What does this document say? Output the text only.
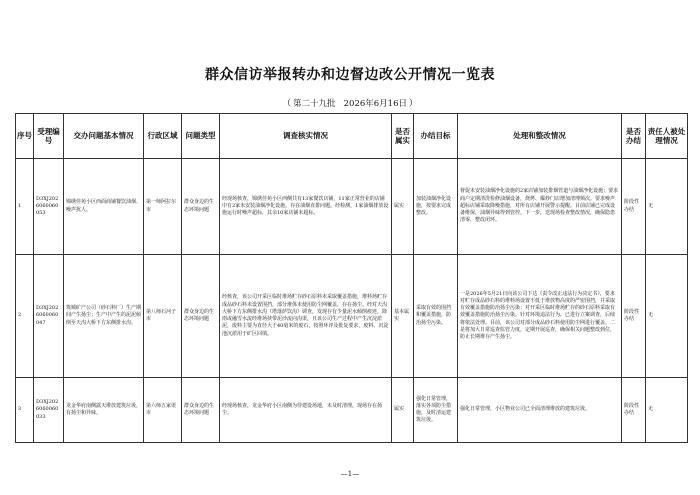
群众信访举报转办和边督边改公开情况一览表
（ 第二十九批 2026年6月16日 ）
序号	受理编号	交办问题基本情况	行政区域	问题类型	调查核实情况	是否属实	办结目标	处理和整改情况	是否办结	责任人被处理情况
1	D3XJ2026060060053	锦绣佳苑小区西面商铺餐饮油烟、噪声扰人。	第一师阿拉尔市	群众身边的生态环境问题	经现场核查，锦绣佳苑小区西侧共有13家餐饮店铺，11家正常营业的店铺中有2家未安装油烟净化设施，存在油烟直排问题。经检测，1家油烟排放设施运行时噪声超标，其余10家店铺未超标。	属实	加装油烟净化设施，按要求完成整改。	督促未安装油烟净化设施的2家店铺加装排烟管道与油烟净化设施；要求商户定期清洗检修油烟设备，烧烤、爆炒门店增加清理频次。要求噪声超标店铺采取降噪措施，对所有店铺开展警示提醒。目前店铺已完成设备维保，油烟异味得到管控。下一步，送现场检查整改情况，确保隐患清零，整改闭环。	阶段性办结	无
2	D3XJ2026060060047	筑城矿产公司（砂石料厂）生产期间产生扬尘；生产中产生的泥泥倾倒至天沟大桥下方东侧排水沟。	第八师石河子市	群众身边的生态环境问题	经核查，该公司开采区临时堆场贮存砂石原料未采取覆盖措施，堆料场贮存成品砂石料未设置围挡，部分堆体未使用防尘网覆盖，存在扬尘。经对天沟大桥下方东侧排水沟（塔落萨饮沟）调查，发现存有少量泥水倾倒痕迹，降雨或融雪水流经堆场挟带泥沙流向沟渠，且该公司生产过程中产生沉淀淤泥，废料主要为直径大于40毫米的废石，按照环评及批复要求，废料、沉淀池沉淤用于矿区回填。	基本属实	采取有效的围挡和覆盖措施，防治扬尘污染。	一是2026年5月21日向该公司下达《责令改正违法行为决定书》，要求对贮存成品砂石料的堆料场设置不低于堆放物高度的严密围挡，并采取有效覆盖措施防治扬尘污染；对开采区临时堆场贮存的砂石原料采取有效覆盖措施防治扬尘污染。针对环境违法行为，已进行立案调查，后续将依法处理。目前，该公司对部分成品砂石料使用防尘网进行覆盖。二是将加大日常巡查监管力度，定期开展巡查，确保相关问题整改到位，防止长期堆存产生扬尘。	阶段性办结	无
3	D3XJ2026060060033	龙金华府南侧露天堆放建筑垃圾，有扬尘和异味。	第六师五家渠市	群众身边的生态环境问题	经现场核查，龙金华府小区南侧为待建设场地，未及时清理，现场存在扬尘。	属实	强化日常管理，落实各项防尘措施，及时清运建筑垃圾。	强化日常管理，小区物业公司已全面清理堆放的建筑垃圾。	阶段性办结	无
—1—
